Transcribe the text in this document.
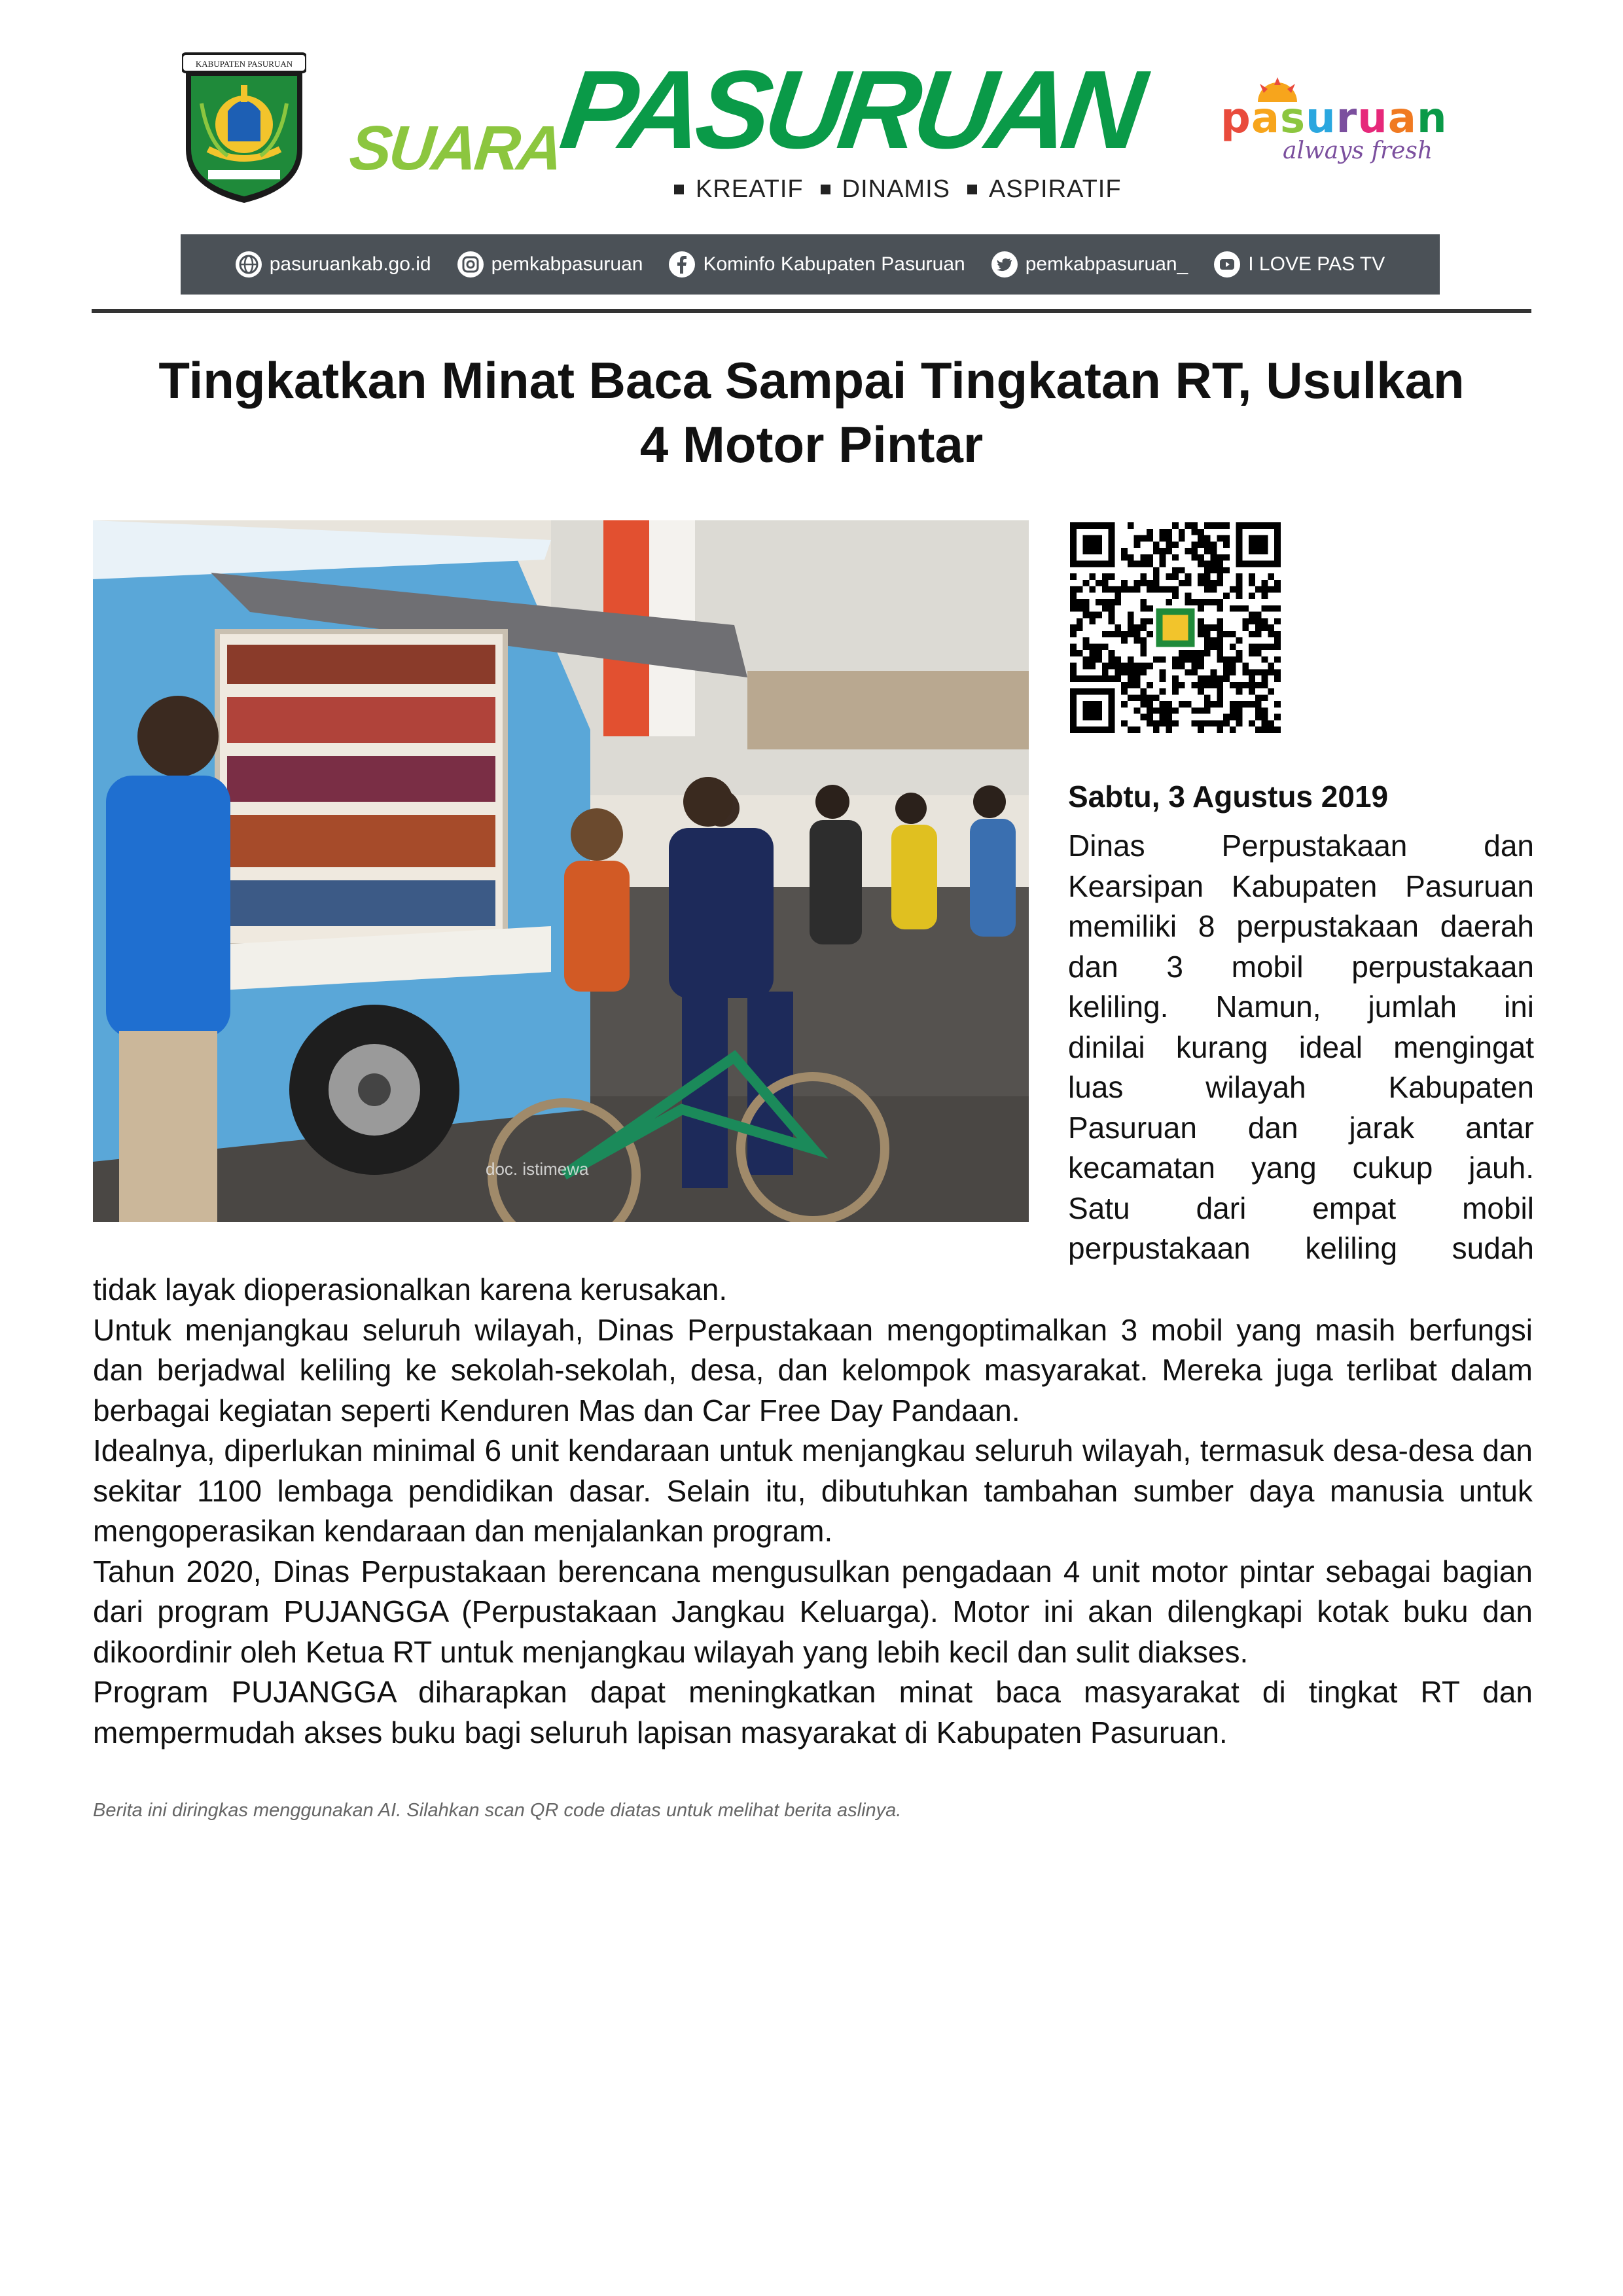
KABUPATEN PASURUAN
SUARA
PASURUAN
KREATIF DINAMIS ASPIRATIF
pasuruan
always fresh
pasuruankab.go.id	pemkabpasuruan	Kominfo Kabupaten Pasuruan	pemkabpasuruan_	I LOVE PAS TV
Tingkatkan Minat Baca Sampai Tingkatan RT, Usulkan
4 Motor Pintar
doc. istimewa
Sabtu, 3 Agustus 2019
Dinas Perpustakaan dan
Kearsipan Kabupaten Pasuruan
memiliki 8 perpustakaan daerah
dan 3 mobil perpustakaan
keliling. Namun, jumlah ini
dinilai kurang ideal mengingat
luas wilayah Kabupaten
Pasuruan dan jarak antar
kecamatan yang cukup jauh.
Satu dari empat mobil
perpustakaan keliling sudah

tidak layak dioperasionalkan karena kerusakan.

Untuk menjangkau seluruh wilayah, Dinas Perpustakaan mengoptimalkan 3 mobil yang masih berfungsi dan berjadwal keliling ke sekolah-sekolah, desa, dan kelompok masyarakat. Mereka juga terlibat dalam berbagai kegiatan seperti Kenduren Mas dan Car Free Day Pandaan.

Idealnya, diperlukan minimal 6 unit kendaraan untuk menjangkau seluruh wilayah, termasuk desa-desa dan sekitar 1100 lembaga pendidikan dasar. Selain itu, dibutuhkan tambahan sumber daya manusia untuk mengoperasikan kendaraan dan menjalankan program.

Tahun 2020, Dinas Perpustakaan berencana mengusulkan pengadaan 4 unit motor pintar sebagai bagian dari program PUJANGGA (Perpustakaan Jangkau Keluarga). Motor ini akan dilengkapi kotak buku dan dikoordinir oleh Ketua RT untuk menjangkau wilayah yang lebih kecil dan sulit diakses.

Program PUJANGGA diharapkan dapat meningkatkan minat baca masyarakat di tingkat RT dan mempermudah akses buku bagi seluruh lapisan masyarakat di Kabupaten Pasuruan.

Berita ini diringkas menggunakan AI. Silahkan scan QR code diatas untuk melihat berita aslinya.
